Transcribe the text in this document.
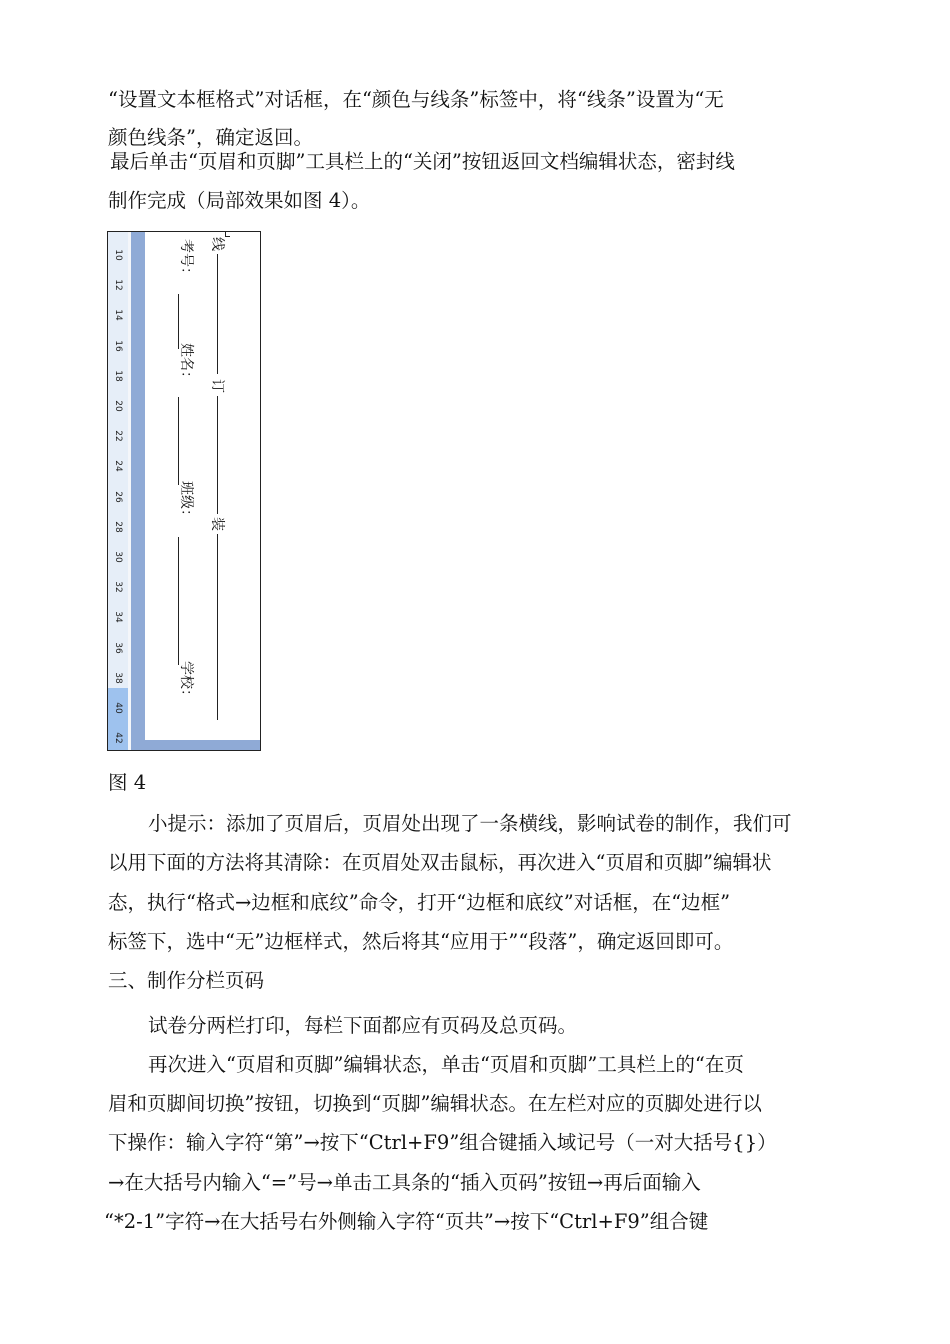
“设置文本框格式”对话框，在“颜色与线条”标签中，将“线条”设置为“无
颜色线条”，确定返回。
最后单击“页眉和页脚”工具栏上的“关闭”按钮返回文档编辑状态，密封线
制作完成（局部效果如图 4）。
考号：
姓名：
班级：
学校：
线
订
装
10
12
14
16
18
20
22
24
26
28
30
32
34
36
38
40
42
图 4
小提示：添加了页眉后，页眉处出现了一条横线，影响试卷的制作，我们可
以用下面的方法将其清除：在页眉处双击鼠标，再次进入“页眉和页脚”编辑状
态，执行“格式→边框和底纹”命令，打开“边框和底纹”对话框，在“边框”
标签下，选中“无”边框样式，然后将其“应用于”“段落”，确定返回即可。
三、制作分栏页码
试卷分两栏打印，每栏下面都应有页码及总页码。
再次进入“页眉和页脚”编辑状态，单击“页眉和页脚”工具栏上的“在页
眉和页脚间切换”按钮，切换到“页脚”编辑状态。在左栏对应的页脚处进行以
下操作：输入字符“第”→按下“Ctrl+F9”组合键插入域记号（一对大括号{}）
→在大括号内输入“=”号→单击工具条的“插入页码”按钮→再后面输入
“*2-1”字符→在大括号右外侧输入字符“页共”→按下“Ctrl+F9”组合键
